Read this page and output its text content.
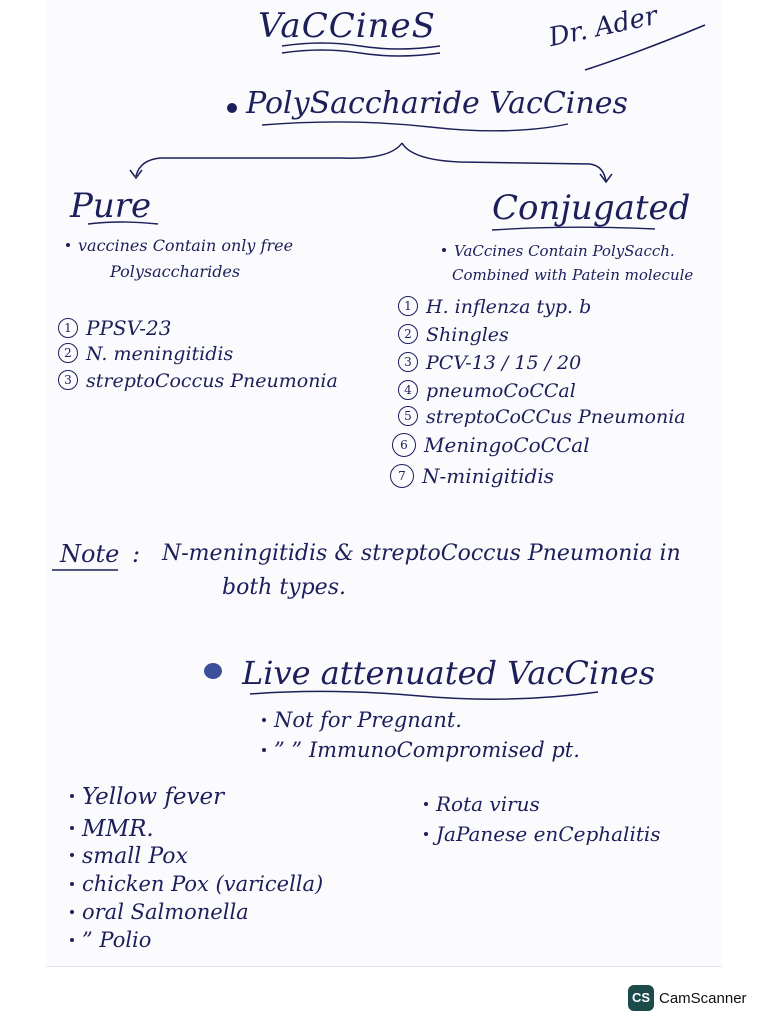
VaCCineS	Dr. Ader
PolySaccharide VacCines
Pure
vaccines Contain only free
Polysaccharides
1 PPSV-23
2 N. meningitidis
3 streptoCoccus Pneumonia
Conjugated
VaCcines Contain PolySacch.
Combined with Patein molecule
1 H. inflenza typ. b
2 Shingles
3 PCV-13 / 15 / 20
4 pneumoCoCCal
5 streptoCoCCus Pneumonia
6 MeningoCoCCal
7 N-minigitidis
Note : N-meningitidis & streptoCoccus Pneumonia in
both types.
Live attenuated VacCines
Not for Pregnant.
” ” ImmunoCompromised pt.
Yellow fever
MMR.
small Pox
chicken Pox (varicella)
oral Salmonella
” Polio
Rota virus
JaPanese enCephalitis
CS CamScanner
